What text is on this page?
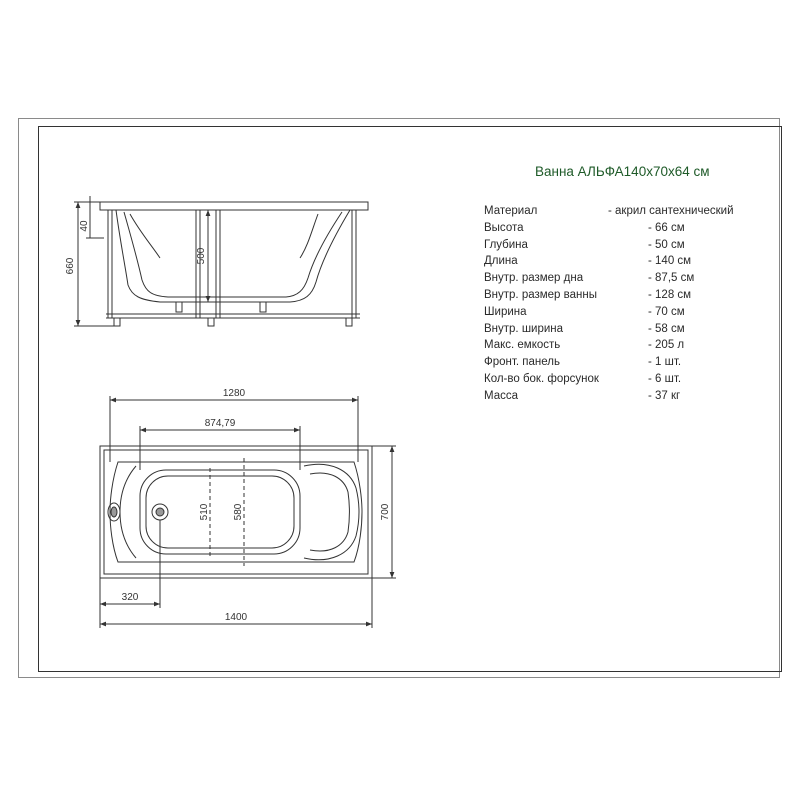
Ванна АЛЬФА140x70x64 см
Материал	- акрил сантехнический
Высота	- 66 см
Глубина	- 50 см
Длина	- 140 см
Внутр. размер дна	- 87,5 см
Внутр. размер ванны	- 128 см
Ширина	- 70 см
Внутр. ширина	- 58 см
Макс. емкость	- 205 л
Фронт. панель	- 1 шт.
Кол-во бок. форсунок	- 6 шт.
Масса	- 37 кг
660
40
500
1280
874,79
510 580	700
320
1400
